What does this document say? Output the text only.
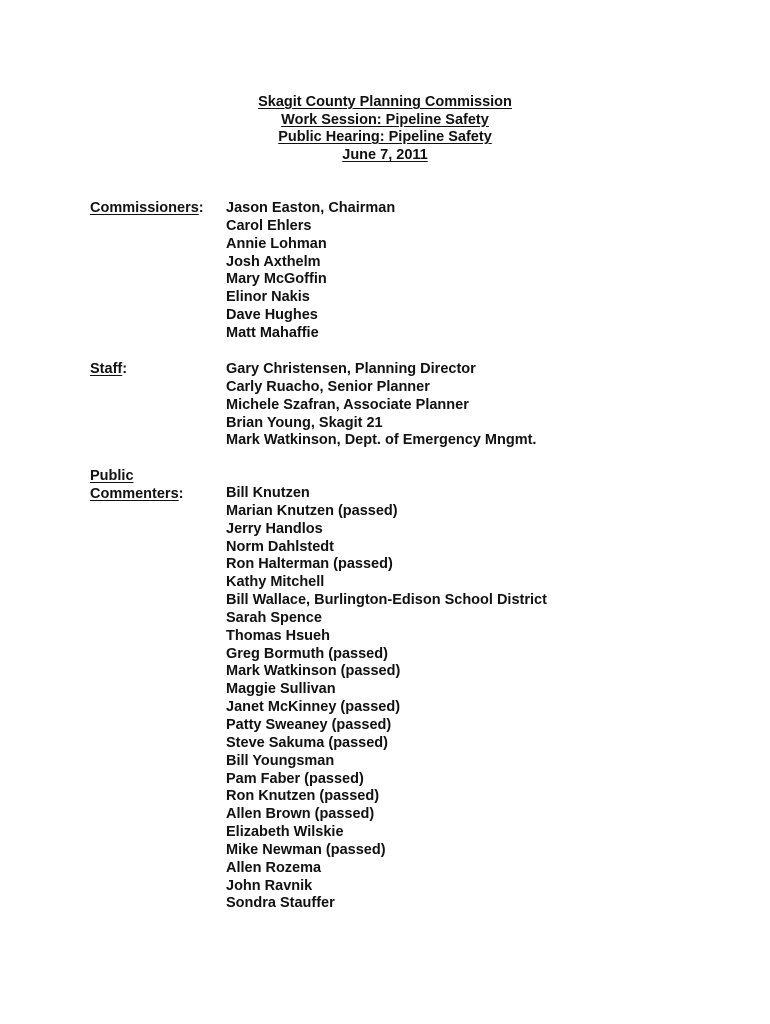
Skagit County Planning Commission
Work Session: Pipeline Safety
Public Hearing: Pipeline Safety
June 7, 2011
Commissioners: Jason Easton, Chairman
Carol Ehlers
Annie Lohman
Josh Axthelm
Mary McGoffin
Elinor Nakis
Dave Hughes
Matt Mahaffie
Staff:	Gary Christensen, Planning Director
Carly Ruacho, Senior Planner
Michele Szafran, Associate Planner
Brian Young, Skagit 21
Mark Watkinson, Dept. of Emergency Mngmt.
Public
Commenters:	Bill Knutzen
Marian Knutzen (passed)
Jerry Handlos
Norm Dahlstedt
Ron Halterman (passed)
Kathy Mitchell
Bill Wallace, Burlington-Edison School District
Sarah Spence
Thomas Hsueh
Greg Bormuth (passed)
Mark Watkinson (passed)
Maggie Sullivan
Janet McKinney (passed)
Patty Sweaney (passed)
Steve Sakuma (passed)
Bill Youngsman
Pam Faber (passed)
Ron Knutzen (passed)
Allen Brown (passed)
Elizabeth Wilskie
Mike Newman (passed)
Allen Rozema
John Ravnik
Sondra Stauffer
